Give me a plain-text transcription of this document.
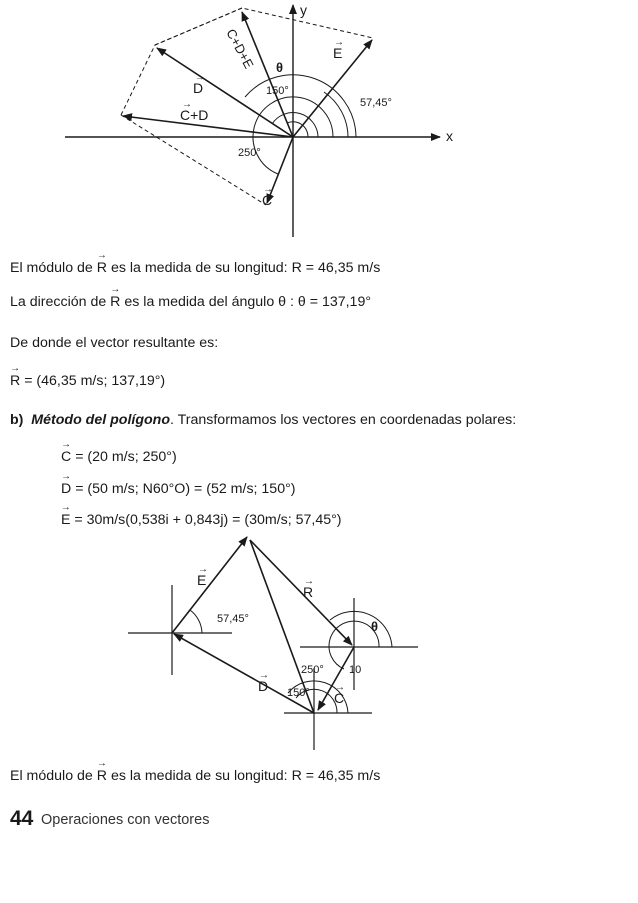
y
x
C+D+E
D
C+D
C
E
θ
150°
57,45°
250°
→
→
→
→
El módulo de → R es la medida de su longitud: R = 46,35 m/s
La dirección de → R es la medida del ángulo θ : θ = 137,19°
De donde el vector resultante es:
→ R = (46,35 m/s; 137,19°)
b) Método del polígono. Transformamos los vectores en coordenadas polares:
→ C = (20 m/s; 250°)
→ D = (50 m/s; N60°O) = (52 m/s; 150°)
→ E = 30m/s(0,538i + 0,843j) = (30m/s; 57,45°)
E
R
D
C
57,45°	θ
250° 10
150°
→
→
→
→
El módulo de → R es la medida de su longitud: R = 46,35 m/s
44 Operaciones con vectores
